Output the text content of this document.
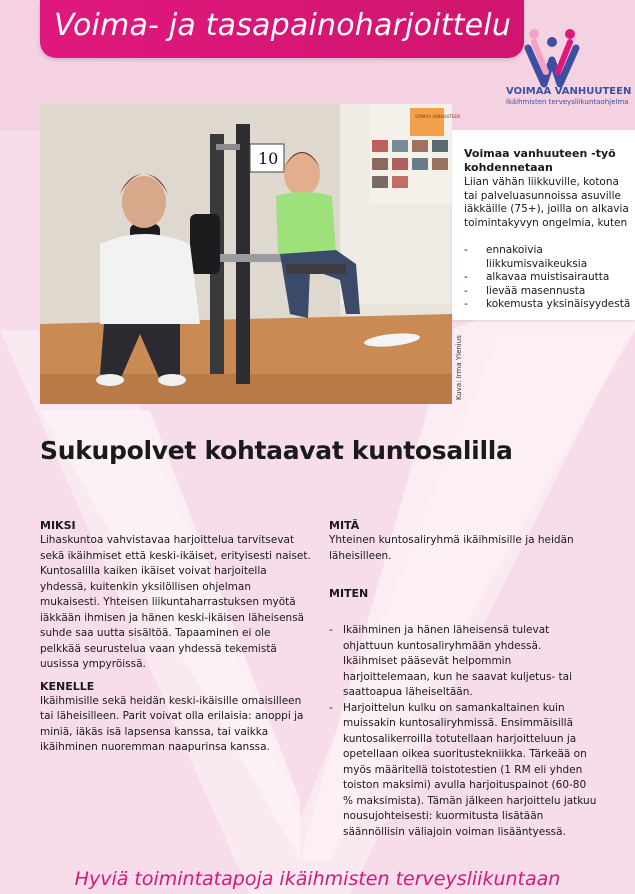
Voima- ja tasapainoharjoittelu
VOIMAA VANHUUTEEN
ikäihmisten terveysliikuntaohjelma
VOIMAA VANHUUTEEN
10
Kuva: Irma Ylenius
Voimaa vanhuuteen -työ kohdennetaan
Liian vähän liikkuville, kotona tai palveluasunnoissa asuville iäkkäille (75+), joilla on alkavia toimintakyvyn ongelmia, kuten
-	ennakoivia liikkumisvaikeuksia
-	alkavaa muistisairautta
-	lievää masennusta
-	kokemusta yksinäisyydestä
Sukupolvet kohtaavat kuntosalilla
MIKSI

Lihaskuntoa vahvistavaa harjoittelua tarvitsevat sekä ikäihmiset että keski-ikäiset, erityisesti naiset. Kuntosalilla kaiken ikäiset voivat harjoitella yhdessä, kuitenkin yksilöllisen ohjelman mukaisesti. Yhteisen liikuntaharrastuksen myötä iäkkään ihmisen ja hänen keski-ikäisen läheisensä suhde saa uutta sisältöä. Tapaaminen ei ole pelkkää seurustelua vaan yhdessä tekemistä uusissa ympyröissä.

KENELLE

Ikäihmisille sekä heidän keski-ikäisille omaisilleen tai läheisilleen. Parit voivat olla erilaisia: anoppi ja miniä, iäkäs isä lapsensa kanssa, tai vaikka ikäihminen nuoremman naapurinsa kanssa.

MITÄ

Yhteinen kuntosaliryhmä ikäihmisille ja heidän läheisilleen.

MITEN
- Ikäihminen ja hänen läheisensä tulevat ohjattuun kuntosaliryhmään yhdessä. Ikäihmiset pääsevät helpommin harjoittelemaan, kun he saavat kuljetus- tai saattoapua läheiseltään.
- Harjoittelun kulku on samankaltainen kuin muissakin kuntosaliryhmissä. Ensimmäisillä kuntosalikerroilla totutellaan harjoitteluun ja opetellaan oikea suoritustekniikka. Tärkeää on myös määritellä toistotestien (1 RM eli yhden toiston maksimi) avulla harjoituspainot (60-80 % maksimista). Tämän jälkeen harjoittelu jatkuu nousujohteisesti: kuormitusta lisätään säännöllisin väliajoin voiman lisääntyessä.
Hyviä toimintatapoja ikäihmisten terveysliikuntaan
